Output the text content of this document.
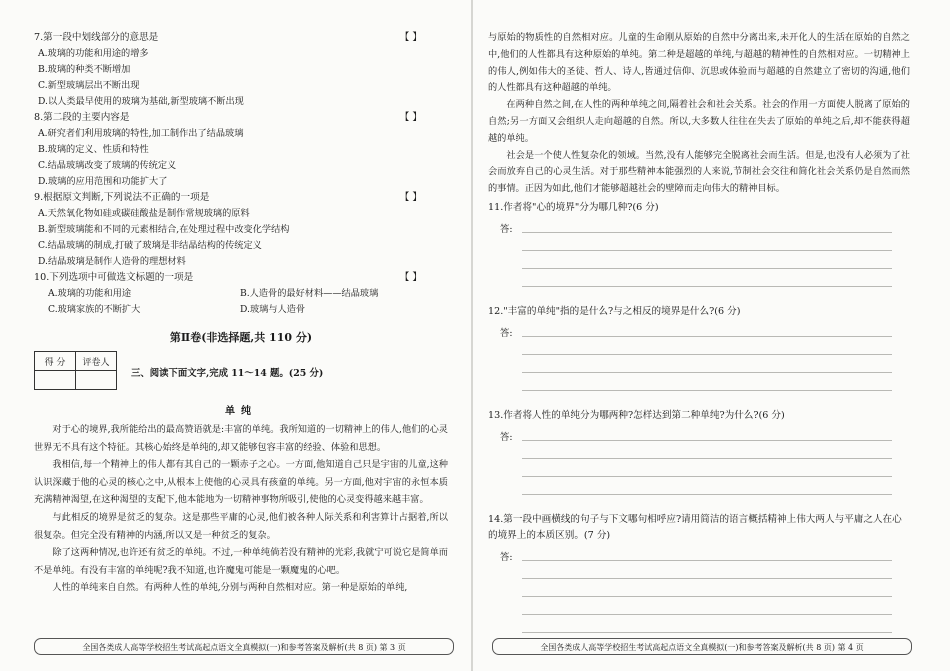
7.第一段中划线部分的意思是	【 】

A.玻璃的功能和用途的增多

B.玻璃的种类不断增加

C.新型玻璃层出不断出现

D.以人类最早使用的玻璃为基础,新型玻璃不断出现

8.第二段的主要内容是	【 】

A.研究者们利用玻璃的特性,加工制作出了结晶玻璃

B.玻璃的定义、性质和特性

C.结晶玻璃改变了玻璃的传统定义

D.玻璃的应用范围和功能扩大了

9.根据原文判断,下列说法不正确的一项是	【 】

A.天然氧化物如硅或碳硅酸盐是制作常规玻璃的原料

B.新型玻璃能和不同的元素相结合,在处理过程中改变化学结构

C.结晶玻璃的制成,打破了玻璃是非结晶结构的传统定义

D.结晶玻璃是制作人造骨的理想材料

10.下列选项中可做选文标题的一项是	【 】

A.玻璃的功能和用途	B.人造骨的最好材料——结晶玻璃
C.玻璃家族的不断扩大	D.玻璃与人造骨
第Ⅱ卷(非选择题,共 110 分)
得 分	评卷人

三、阅读下面文字,完成 11～14 题。(25 分)
单纯

对于心的境界,我所能给出的最高赞语就是:丰富的单纯。我所知道的一切精神上的伟人,他们的心灵世界无不具有这个特征。其核心始终是单纯的,却又能够包容丰富的经验、体验和思想。

我相信,每一个精神上的伟人都有其自己的一颗赤子之心。一方面,他知道自己只是宇宙的儿童,这种认识深藏于他的心灵的核心之中,从根本上使他的心灵具有孩童的单纯。另一方面,他对宇宙的永恒本质充满精神渴望,在这种渴望的支配下,他本能地为一切精神事物所吸引,使他的心灵变得越来越丰富。

与此相反的境界是贫乏的复杂。这是那些平庸的心灵,他们被各种人际关系和利害算计占据着,所以很复杂。但完全没有精神的内涵,所以又是一种贫乏的复杂。

除了这两种情况,也许还有贫乏的单纯。不过,一种单纯倘若没有精神的光彩,我就宁可说它是简单而不是单纯。有没有丰富的单纯呢?我不知道,也许魔鬼可能是一颗魔鬼的心吧。

人性的单纯来自自然。有两种人性的单纯,分别与两种自然相对应。第一种是原始的单纯,

全国各类成人高等学校招生考试高起点语文全真模拟(一)和参考答案及解析(共 8 页) 第 3 页

与原始的物质性的自然相对应。儿童的生命刚从原始的自然中分离出来,未开化人的生活在原始的自然之中,他们的人性都具有这种原始的单纯。第二种是超越的单纯,与超越的精神性的自然相对应。一切精神上的伟人,例如伟大的圣徒、哲人、诗人,皆通过信仰、沉思或体验而与超越的自然建立了密切的沟通,他们的人性都具有这种超越的单纯。

在两种自然之间,在人性的两种单纯之间,隔着社会和社会关系。社会的作用一方面使人脱离了原始的自然;另一方面又会组织人走向超越的自然。所以,大多数人往往在失去了原始的单纯之后,却不能获得超越的单纯。

社会是一个使人性复杂化的领域。当然,没有人能够完全脱离社会而生活。但是,也没有人必须为了社会而放弃自己的心灵生活。对于那些精神本能强烈的人来说,节制社会交往和简化社会关系仍是自然而然的事情。正因为如此,他们才能够超越社会的壁障而走向伟大的精神目标。

11.作者将"心的境界"分为哪几种?(6 分)

答:

12."丰富的单纯"指的是什么?与之相反的境界是什么?(6 分)

答:

13.作者将人性的单纯分为哪两种?怎样达到第二种单纯?为什么?(6 分)

答:

14.第一段中画横线的句子与下文哪句相呼应?请用简洁的语言概括精神上伟大两人与平庸之人在心的境界上的本质区别。(7 分)

答:

全国各类成人高等学校招生考试高起点语文全真模拟(一)和参考答案及解析(共 8 页) 第 4 页
